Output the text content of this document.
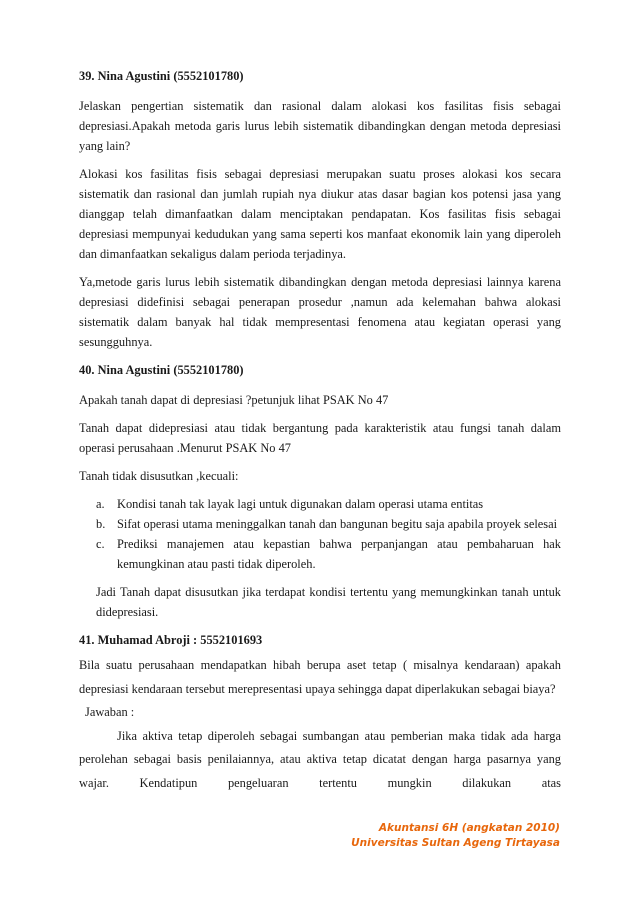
39. Nina Agustini (5552101780)

Jelaskan pengertian sistematik dan rasional dalam alokasi kos fasilitas fisis sebagai depresiasi.Apakah metoda garis lurus lebih sistematik dibandingkan dengan metoda depresiasi yang lain?

Alokasi kos fasilitas fisis sebagai depresiasi merupakan suatu proses alokasi kos secara sistematik dan rasional dan jumlah rupiah nya diukur atas dasar bagian kos potensi jasa yang dianggap telah dimanfaatkan dalam menciptakan pendapatan. Kos fasilitas fisis sebagai depresiasi mempunyai kedudukan yang sama seperti kos manfaat ekonomik lain yang diperoleh dan dimanfaatkan sekaligus dalam perioda terjadinya.

Ya,metode garis lurus lebih sistematik dibandingkan dengan metoda depresiasi lainnya karena depresiasi didefinisi sebagai penerapan prosedur ,namun ada kelemahan bahwa alokasi sistematik dalam banyak hal tidak mempresentasi fenomena atau kegiatan operasi yang sesungguhnya.

40. Nina Agustini (5552101780)

Apakah tanah dapat di depresiasi ?petunjuk lihat PSAK No 47

Tanah dapat didepresiasi atau tidak bergantung pada karakteristik atau fungsi tanah dalam operasi perusahaan .Menurut PSAK No 47

Tanah tidak disusutkan ,kecuali:

a. Kondisi tanah tak layak lagi untuk digunakan dalam operasi utama entitas
b. Sifat operasi utama meninggalkan tanah dan bangunan begitu saja apabila proyek selesai
c. Prediksi manajemen atau kepastian bahwa perpanjangan atau pembaharuan hak kemungkinan atau pasti tidak diperoleh.
Jadi Tanah dapat disusutkan jika terdapat kondisi tertentu yang memungkinkan tanah untuk didepresiasi.
41. Muhamad Abroji : 5552101693

Bila suatu perusahaan mendapatkan hibah berupa aset tetap ( misalnya kendaraan) apakah depresiasi kendaraan tersebut merepresentasi upaya sehingga dapat diperlakukan sebagai biaya?

Jawaban :

Jika aktiva tetap diperoleh sebagai sumbangan atau pemberian maka tidak ada harga perolehan sebagai basis penilaiannya, atau aktiva tetap dicatat dengan harga pasarnya yang wajar. Kendatipun pengeluaran tertentu mungkin dilakukan atas

Akuntansi 6H (angkatan 2010)
Universitas Sultan Ageng Tirtayasa
